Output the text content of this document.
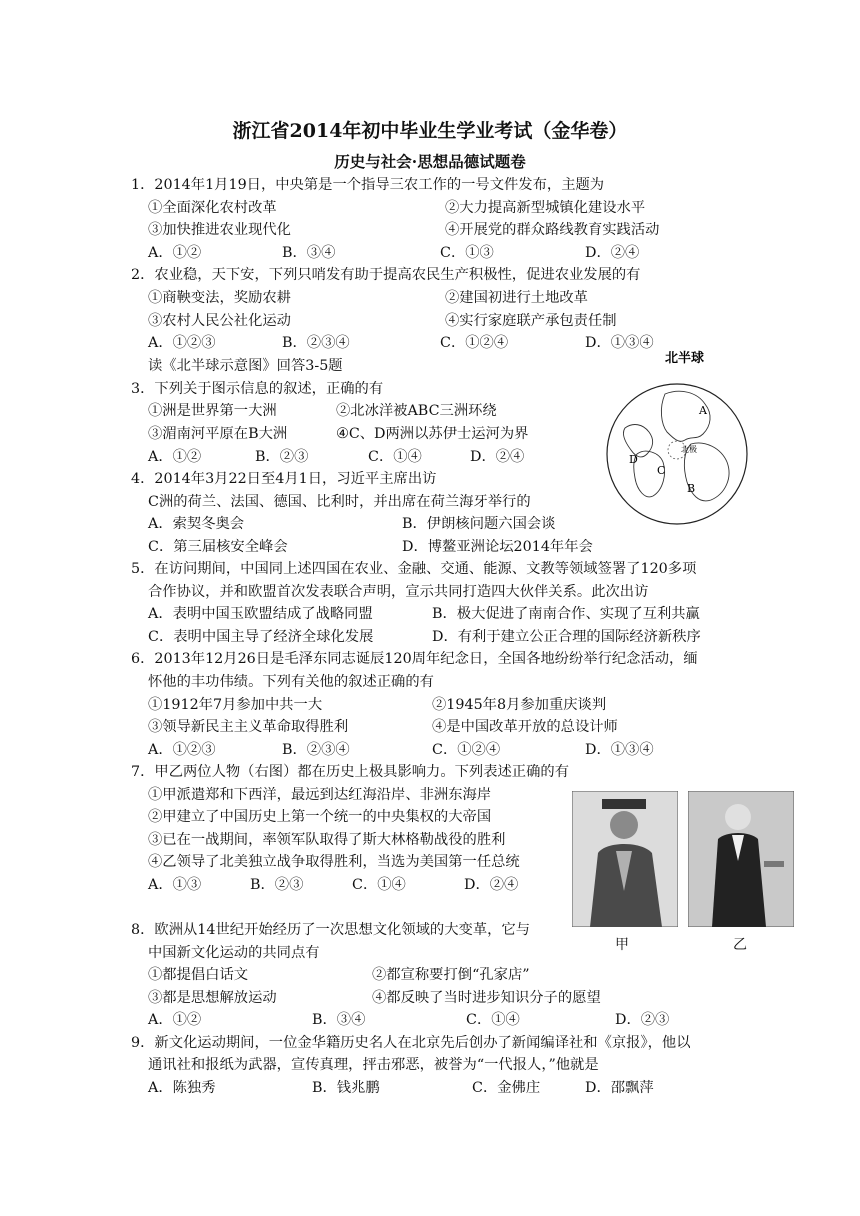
浙江省2014年初中毕业生学业考试（金华卷）
历史与社会·思想品德试题卷
1．2014年1月19日，中央第是一个指导三农工作的一号文件发布，主题为
①全面深化农村改革	②大力提高新型城镇化建设水平
③加快推进农业现代化	④开展党的群众路线教育实践活动
A．①②	B．③④	C．①③	D．②④
2．农业稳，天下安，下列只哨发有助于提高农民生产积极性，促进农业发展的有
①商鞅变法，奖励农耕	②建国初进行土地改革
③农村人民公社化运动	④实行家庭联产承包责任制
A．①②③	B．②③④	C．①②④	D．①③④
读《北半球示意图》回答3-5题	北半球
A
B
C
D
北 极
3．下列关于图示信息的叙述，正确的有
①洲是世界第一大洲	②北冰洋被ABC三洲环绕
③湄南河平原在B大洲	④C、D两洲以苏伊士运河为界
A．①②	B．②③	C．①④	D．②④
4．2014年3月22日至4月1日，习近平主席出访
C洲的荷兰、法国、德国、比利时，并出席在荷兰海牙举行的
A．索契冬奥会	B．伊朗核问题六国会谈
C．第三届核安全峰会	D．博鳌亚洲论坛2014年年会
5．在访问期间，中国同上述四国在农业、金融、交通、能源、文教等领域签署了120多项
合作协议，并和欧盟首次发表联合声明，宣示共同打造四大伙伴关系。此次出访
A．表明中国玉欧盟结成了战略同盟	B．极大促进了南南合作、实现了互利共赢
C．表明中国主导了经济全球化发展	D．有利于建立公正合理的国际经济新秩序
6．2013年12月26日是毛泽东同志诞辰120周年纪念日，全国各地纷纷举行纪念活动，缅
怀他的丰功伟绩。下列有关他的叙述正确的有
①1912年7月参加中共一大	②1945年8月参加重庆谈判
③领导新民主主义革命取得胜利	④是中国改革开放的总设计师
A．①②③	B．②③④	C．①②④	D．①③④
7．甲乙两位人物（右图）都在历史上极具影响力。下列表述正确的有
①甲派遣郑和下西洋，最远到达红海沿岸、非洲东海岸
②甲建立了中国历史上第一个统一的中央集权的大帝国
③已在一战期间，率领军队取得了斯大林格勒战役的胜利
④乙领导了北美独立战争取得胜利，当选为美国第一任总统
A．①③	B．②③	C．①④	D．②④
甲	乙
8．欧洲从14世纪开始经历了一次思想文化领域的大变革，它与
中国新文化运动的共同点有
①都提倡白话文	②都宣称要打倒“孔家店”
③都是思想解放运动	④都反映了当时进步知识分子的愿望
A．①②	B．③④	C．①④	D．②③
9．新文化运动期间，一位金华籍历史名人在北京先后创办了新闻编译社和《京报》，他以
通讯社和报纸为武器，宣传真理，抨击邪恶，被誉为“一代报人，”他就是
A．陈独秀	B．钱兆鹏	C．金佛庄	D．邵飘萍
